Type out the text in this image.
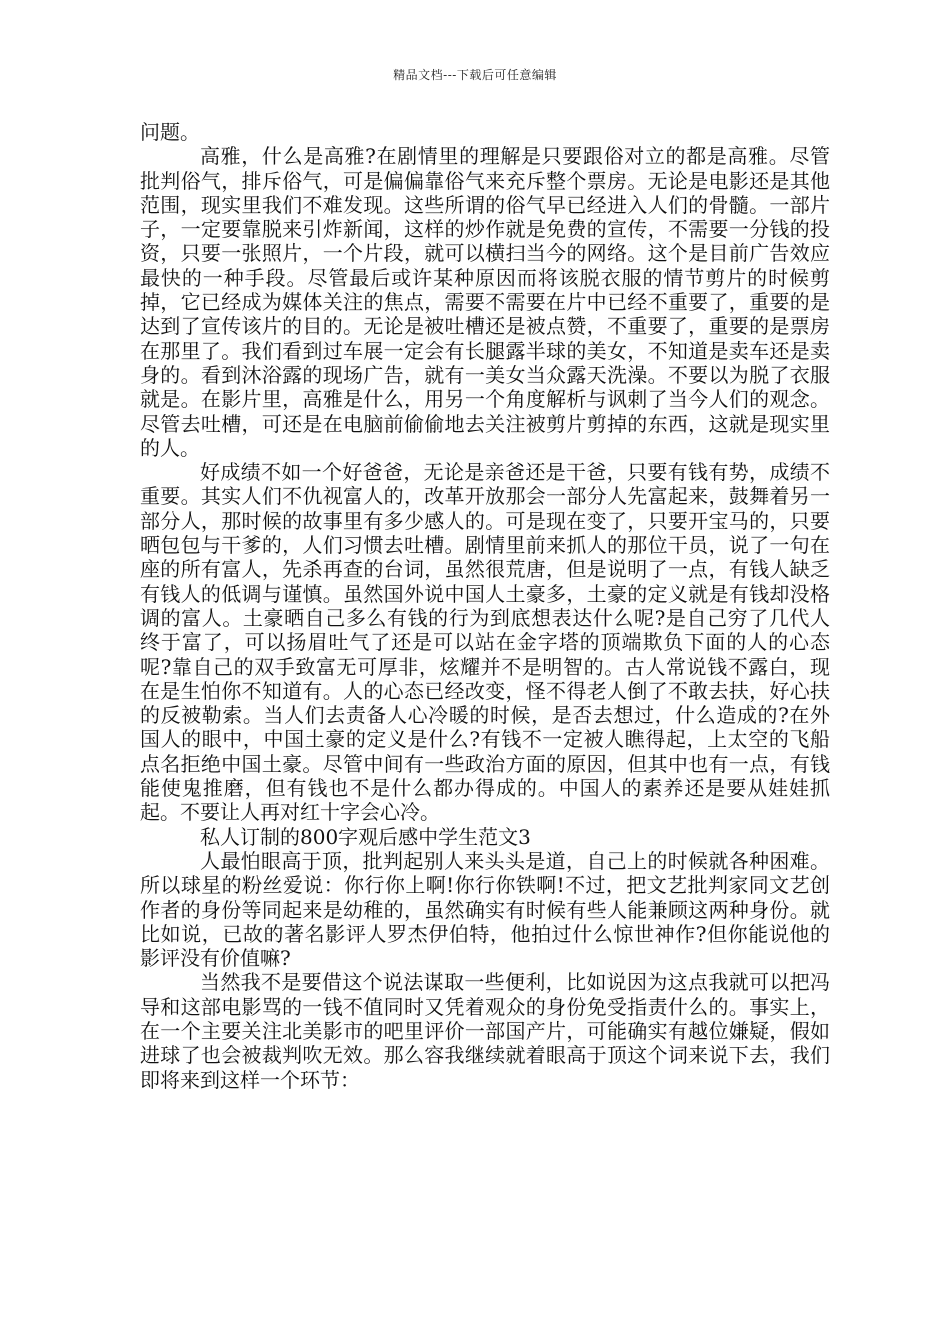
精品文档---下载后可任意编辑

问题。

高雅，什么是高雅?在剧情里的理解是只要跟俗对立的都是高雅。尽管批判俗气，排斥俗气，可是偏偏靠俗气来充斥整个票房。无论是电影还是其他范围，现实里我们不难发现。这些所谓的俗气早已经进入人们的骨髓。一部片子，一定要靠脱来引炸新闻，这样的炒作就是免费的宣传，不需要一分钱的投资，只要一张照片，一个片段，就可以横扫当今的网络。这个是目前广告效应最快的一种手段。尽管最后或许某种原因而将该脱衣服的情节剪片的时候剪掉，它已经成为媒体关注的焦点，需要不需要在片中已经不重要了，重要的是达到了宣传该片的目的。无论是被吐槽还是被点赞，不重要了，重要的是票房在那里了。我们看到过车展一定会有长腿露半球的美女，不知道是卖车还是卖身的。看到沐浴露的现场广告，就有一美女当众露天洗澡。不要以为脱了衣服就是。在影片里，高雅是什么，用另一个角度解析与讽刺了当今人们的观念。尽管去吐槽，可还是在电脑前偷偷地去关注被剪片剪掉的东西，这就是现实里的人。

好成绩不如一个好爸爸，无论是亲爸还是干爸，只要有钱有势，成绩不重要。其实人们不仇视富人的，改革开放那会一部分人先富起来，鼓舞着另一部分人，那时候的故事里有多少感人的。可是现在变了，只要开宝马的，只要晒包包与干爹的，人们习惯去吐槽。剧情里前来抓人的那位干员，说了一句在座的所有富人，先杀再查的台词，虽然很荒唐，但是说明了一点，有钱人缺乏有钱人的低调与谨慎。虽然国外说中国人土豪多，土豪的定义就是有钱却没格调的富人。土豪晒自己多么有钱的行为到底想表达什么呢?是自己穷了几代人终于富了，可以扬眉吐气了还是可以站在金字塔的顶端欺负下面的人的心态呢?靠自己的双手致富无可厚非，炫耀并不是明智的。古人常说钱不露白，现在是生怕你不知道有。人的心态已经改变，怪不得老人倒了不敢去扶，好心扶的反被勒索。当人们去责备人心冷暖的时候，是否去想过，什么造成的?在外国人的眼中，中国土豪的定义是什么?有钱不一定被人瞧得起，上太空的飞船点名拒绝中国土豪。尽管中间有一些政治方面的原因，但其中也有一点，有钱能使鬼推磨，但有钱也不是什么都办得成的。中国人的素养还是要从娃娃抓起。不要让人再对红十字会心冷。

私人订制的800字观后感中学生范文3

人最怕眼高于顶，批判起别人来头头是道，自己上的时候就各种困难。所以球星的粉丝爱说：你行你上啊!你行你铁啊!不过，把文艺批判家同文艺创作者的身份等同起来是幼稚的，虽然确实有时候有些人能兼顾这两种身份。就比如说，已故的著名影评人罗杰伊伯特，他拍过什么惊世神作?但你能说他的影评没有价值嘛?

当然我不是要借这个说法谋取一些便利，比如说因为这点我就可以把冯导和这部电影骂的一钱不值同时又凭着观众的身份免受指责什么的。事实上，在一个主要关注北美影市的吧里评价一部国产片，可能确实有越位嫌疑，假如进球了也会被裁判吹无效。那么容我继续就着眼高于顶这个词来说下去，我们即将来到这样一个环节：
